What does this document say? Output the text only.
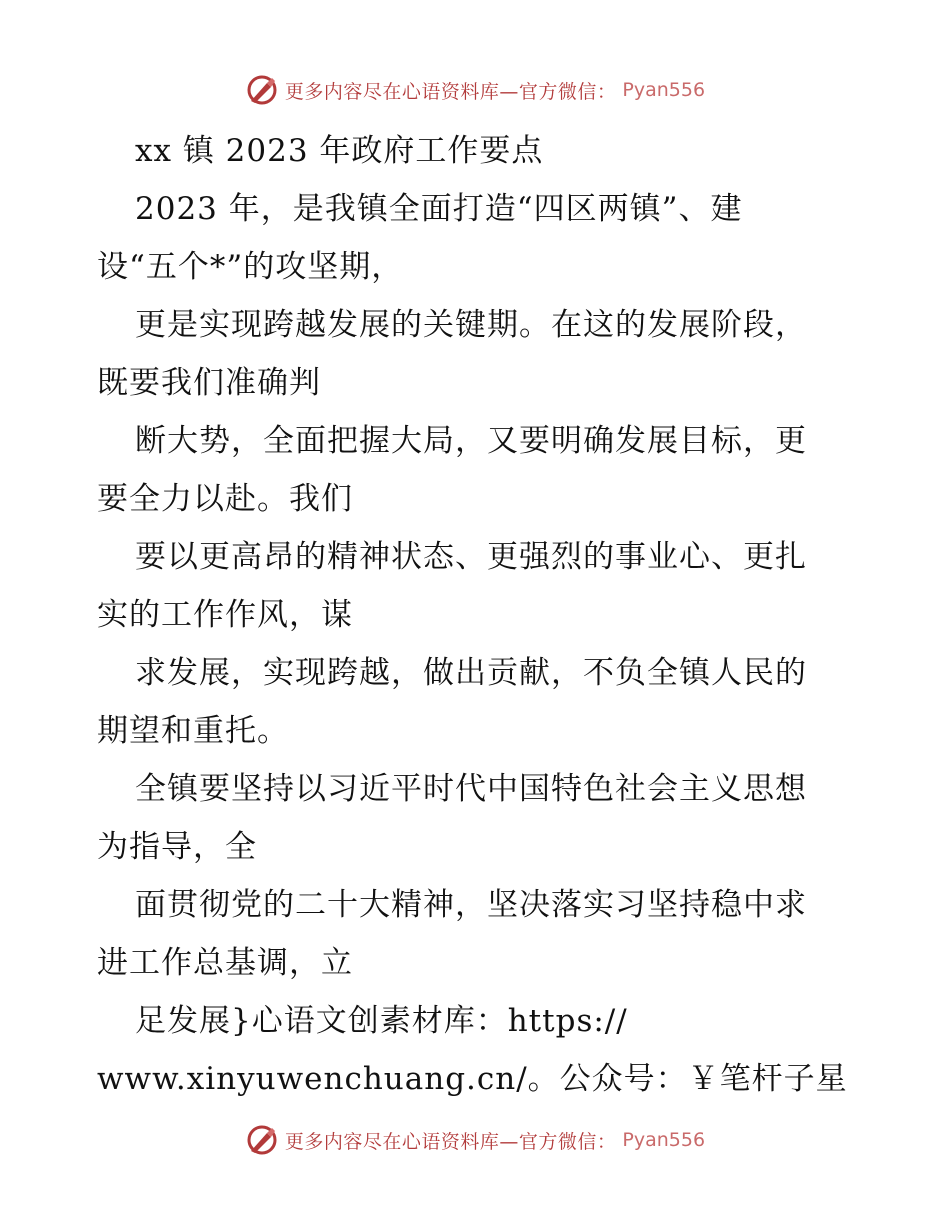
更多内容尽在心语资料库—官方微信： Pyan556
xx 镇 2023 年政府工作要点
2023 年，是我镇全面打造“四区两镇”、建
设“五个*”的攻坚期，
更是实现跨越发展的关键期。在这的发展阶段，
既要我们准确判
断大势，全面把握大局，又要明确发展目标，更
要全力以赴。我们
要以更高昂的精神状态、更强烈的事业心、更扎
实的工作作风，谋
求发展，实现跨越，做出贡献，不负全镇人民的
期望和重托。
全镇要坚持以习近平时代中国特色社会主义思想
为指导，全
面贯彻党的二十大精神，坚决落实习坚持稳中求
进工作总基调，立
足发展}心语文创素材库：https://
www.xinyuwenchuang.cn/。公众号：￥笔杆子星
更多内容尽在心语资料库—官方微信： Pyan556
